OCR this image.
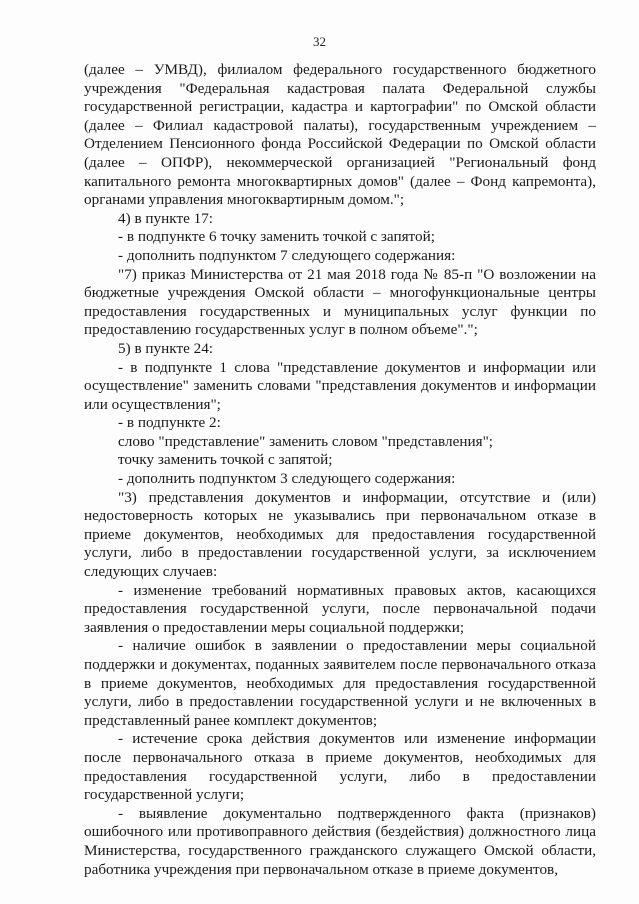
32

(далее – УМВД), филиалом федерального государственного бюджетного учреждения "Федеральная кадастровая палата Федеральной службы государственной регистрации, кадастра и картографии" по Омской области (далее – Филиал кадастровой палаты), государственным учреждением – Отделением Пенсионного фонда Российской Федерации по Омской области (далее – ОПФР), некоммерческой организацией "Региональный фонд капитального ремонта многоквартирных домов" (далее – Фонд капремонта), органами управления многоквартирным домом.";

4) в пункте 17:

- в подпункте 6 точку заменить точкой с запятой;

- дополнить подпунктом 7 следующего содержания:

"7) приказ Министерства от 21 мая 2018 года № 85-п "О возложении на бюджетные учреждения Омской области – многофункциональные центры предоставления государственных и муниципальных услуг функции по предоставлению государственных услуг в полном объеме".";

5) в пункте 24:

- в подпункте 1 слова "представление документов и информации или осуществление" заменить словами "представления документов и информации или осуществления";

- в подпункте 2:

слово "представление" заменить словом "представления";

точку заменить точкой с запятой;

- дополнить подпунктом 3 следующего содержания:

"3) представления документов и информации, отсутствие и (или) недостоверность которых не указывались при первоначальном отказе в приеме документов, необходимых для предоставления государственной услуги, либо в предоставлении государственной услуги, за исключением следующих случаев:

- изменение требований нормативных правовых актов, касающихся предоставления государственной услуги, после первоначальной подачи заявления о предоставлении меры социальной поддержки;

- наличие ошибок в заявлении о предоставлении меры социальной поддержки и документах, поданных заявителем после первоначального отказа в приеме документов, необходимых для предоставления государственной услуги, либо в предоставлении государственной услуги и не включенных в представленный ранее комплект документов;

- истечение срока действия документов или изменение информации после первоначального отказа в приеме документов, необходимых для предоставления государственной услуги, либо в предоставлении государственной услуги;

- выявление документально подтвержденного факта (признаков) ошибочного или противоправного действия (бездействия) должностного лица Министерства, государственного гражданского служащего Омской области, работника учреждения при первоначальном отказе в приеме документов,
